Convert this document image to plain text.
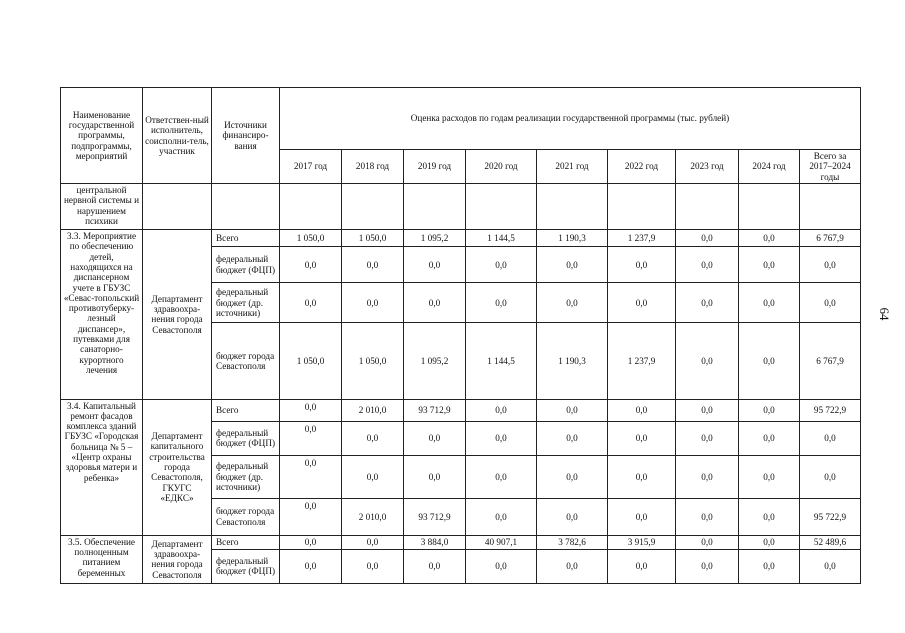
64
Наименование государственной программы, подпрограммы, мероприятий	Ответствен-ный исполнитель, соисполни-тель, участник	Источники финансиро-вания	Оценка расходов по годам реализации государственной программы (тыс. рублей)								
			2017 год	2018 год	2019 год	2020 год	2021 год	2022 год	2023 год	2024 год	Всего за 2017–2024 годы
центральной нервной системы и нарушением психики											
3.3. Мероприятие по обеспечению детей, находящихся на диспансерном учете в ГБУЗС «Севас-топольский противотуберку-лезный диспансер», путевками для санаторно-курортного лечения	Департамент здравоохра-нения города Севастополя	Всего	1 050,0	1 050,0	1 095,2	1 144,5	1 190,3	1 237,9	0,0	0,0	6 767,9
		федеральный бюджет (ФЦП)	0,0	0,0	0,0	0,0	0,0	0,0	0,0	0,0	0,0
		федеральный бюджет (др. источники)	0,0	0,0	0,0	0,0	0,0	0,0	0,0	0,0	0,0
		бюджет города Севастополя	1 050,0	1 050,0	1 095,2	1 144,5	1 190,3	1 237,9	0,0	0,0	6 767,9
3.4. Капитальный ремонт фасадов комплекса зданий ГБУЗС «Городская больница № 5 – «Центр охраны здоровья матери и ребенка»	Департамент капитального строительства города Севастополя, ГКУГС «ЕДКС»	Всего	0,0	2 010,0	93 712,9	0,0	0,0	0,0	0,0	0,0	95 722,9
		федеральный бюджет (ФЦП)	0,0	0,0	0,0	0,0	0,0	0,0	0,0	0,0	0,0
		федеральный бюджет (др. источники)	0,0	0,0	0,0	0,0	0,0	0,0	0,0	0,0	0,0
		бюджет города Севастополя	0,0	2 010,0	93 712,9	0,0	0,0	0,0	0,0	0,0	95 722,9
3.5. Обеспечение полноценным питанием беременных	Департамент здравоохра-нения города Севастополя	Всего	0,0	0,0	3 884,0	40 907,1	3 782,6	3 915,9	0,0	0,0	52 489,6
		федеральный бюджет (ФЦП)	0,0	0,0	0,0	0,0	0,0	0,0	0,0	0,0	0,0
